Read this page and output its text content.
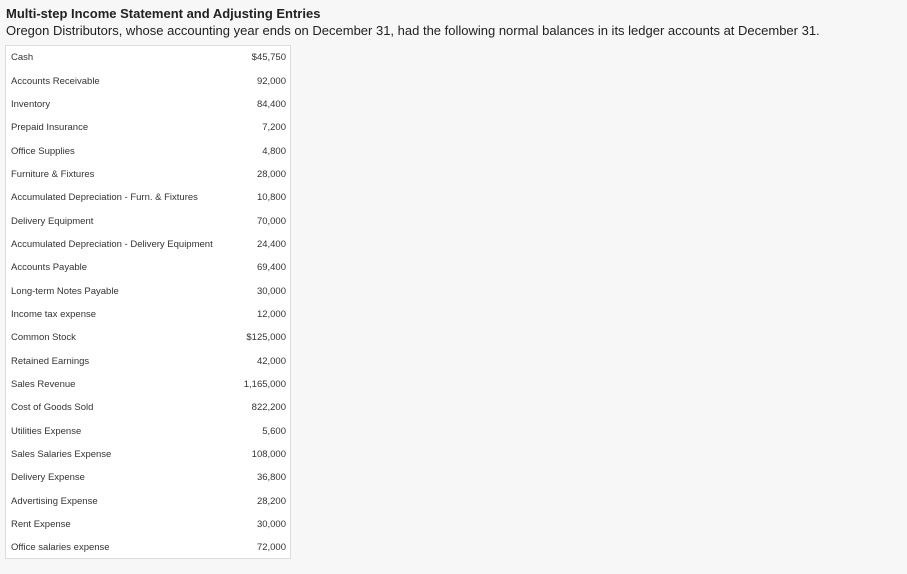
Multi-step Income Statement and Adjusting Entries

Oregon Distributors, whose accounting year ends on December 31, had the following normal balances in its ledger accounts at December 31.

Cash	$45,750
Accounts Receivable	92,000
Inventory	84,400
Prepaid Insurance	7,200
Office Supplies	4,800
Furniture & Fixtures	28,000
Accumulated Depreciation - Furn. & Fixtures	10,800
Delivery Equipment	70,000
Accumulated Depreciation - Delivery Equipment	24,400
Accounts Payable	69,400
Long-term Notes Payable	30,000
Income tax expense	12,000
Common Stock	$125,000
Retained Earnings	42,000
Sales Revenue	1,165,000
Cost of Goods Sold	822,200
Utilities Expense	5,600
Sales Salaries Expense	108,000
Delivery Expense	36,800
Advertising Expense	28,200
Rent Expense	30,000
Office salaries expense	72,000
